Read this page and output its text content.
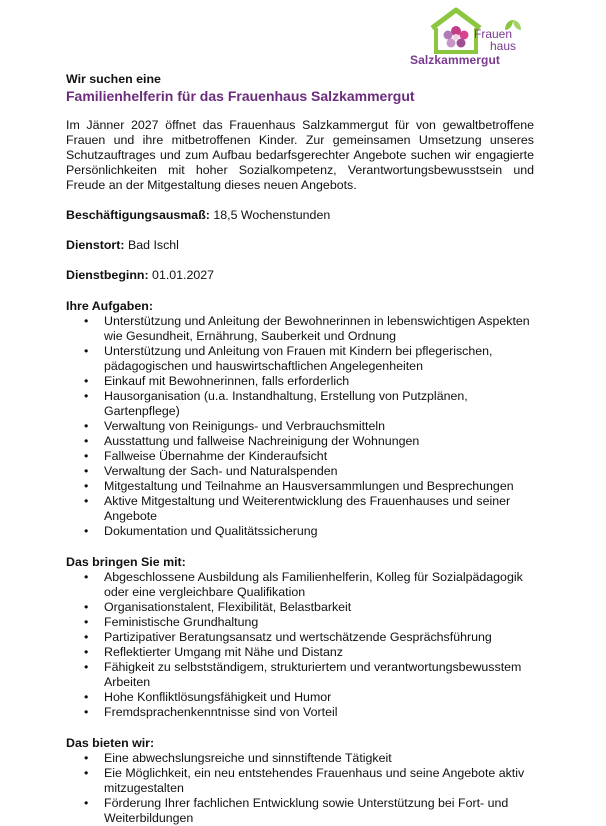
Frauen
haus
Salzkammergut

Wir suchen eine

Familienhelferin für das Frauenhaus Salzkammergut

Im Jänner 2027 öffnet das Frauenhaus Salzkammergut für von gewaltbetroffene Frauen und ihre mitbetroffenen Kinder. Zur gemeinsamen Umsetzung unseres Schutzauftrages und zum Aufbau bedarfsgerechter Angebote suchen wir engagierte Persönlichkeiten mit hoher Sozialkompetenz, Verantwortungsbewusstsein und Freude an der Mitgestaltung dieses neuen Angebots.

Beschäftigungsausmaß: 18,5 Wochenstunden

Dienstort: Bad Ischl

Dienstbeginn: 01.01.2027

Ihre Aufgaben:

• Unterstützung und Anleitung der Bewohnerinnen in lebenswichtigen Aspekten wie Gesundheit, Ernährung, Sauberkeit und Ordnung
• Unterstützung und Anleitung von Frauen mit Kindern bei pflegerischen, pädagogischen und hauswirtschaftlichen Angelegenheiten
• Einkauf mit Bewohnerinnen, falls erforderlich
• Hausorganisation (u.a. Instandhaltung, Erstellung von Putzplänen, Gartenpflege)
• Verwaltung von Reinigungs- und Verbrauchsmitteln
• Ausstattung und fallweise Nachreinigung der Wohnungen
• Fallweise Übernahme der Kinderaufsicht
• Verwaltung der Sach- und Naturalspenden
• Mitgestaltung und Teilnahme an Hausversammlungen und Besprechungen
• Aktive Mitgestaltung und Weiterentwicklung des Frauenhauses und seiner Angebote
• Dokumentation und Qualitätssicherung

Das bringen Sie mit:

• Abgeschlossene Ausbildung als Familienhelferin, Kolleg für Sozialpädagogik oder eine vergleichbare Qualifikation
• Organisationstalent, Flexibilität, Belastbarkeit
• Feministische Grundhaltung
• Partizipativer Beratungsansatz und wertschätzende Gesprächsführung
• Reflektierter Umgang mit Nähe und Distanz
• Fähigkeit zu selbstständigem, strukturiertem und verantwortungsbewusstem Arbeiten
• Hohe Konfliktlösungsfähigkeit und Humor
• Fremdsprachenkenntnisse sind von Vorteil

Das bieten wir:

• Eine abwechslungsreiche und sinnstiftende Tätigkeit
• Eie Möglichkeit, ein neu entstehendes Frauenhaus und seine Angebote aktiv mitzugestalten
• Förderung Ihrer fachlichen Entwicklung sowie Unterstützung bei Fort- und Weiterbildungen
